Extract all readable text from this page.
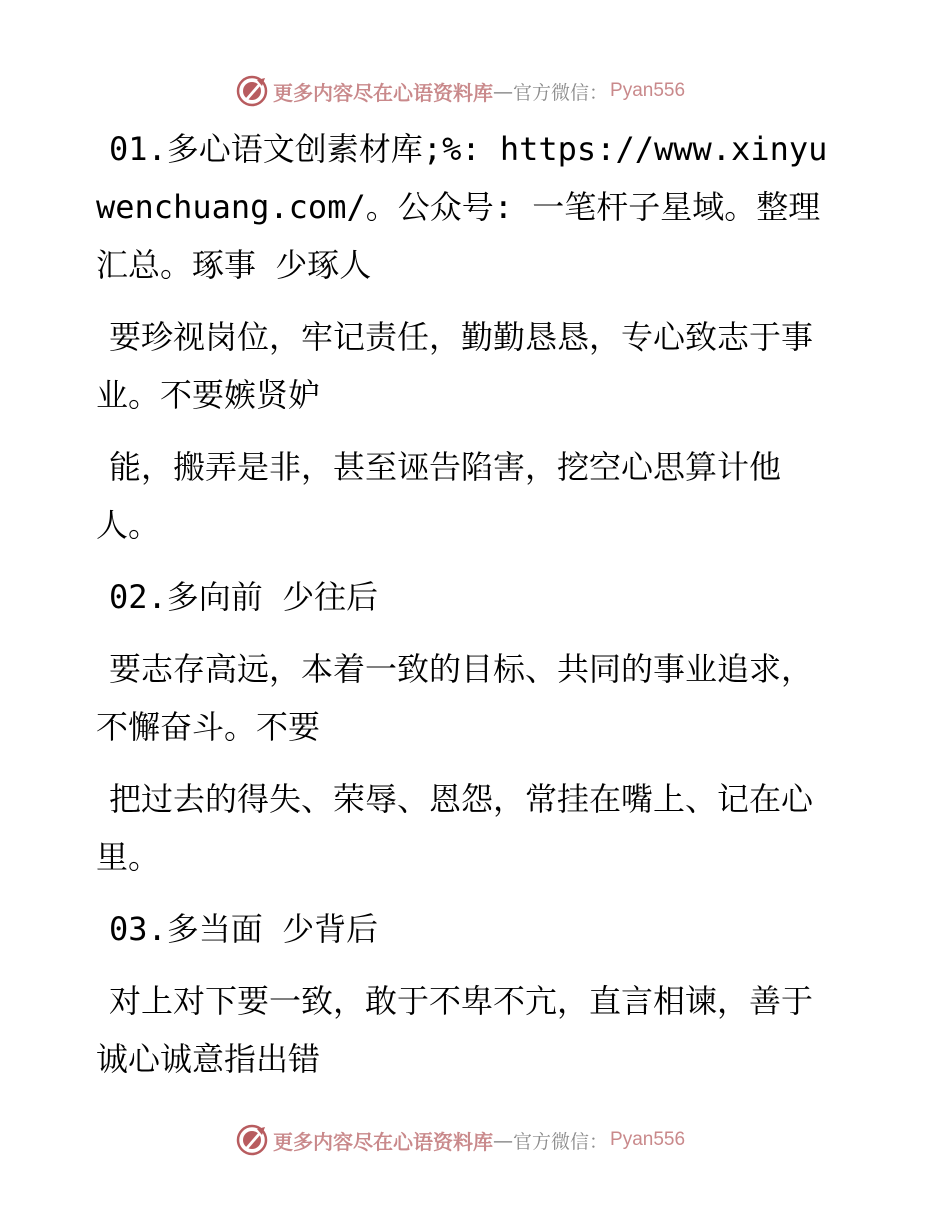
更多内容尽在心语资料库 — 官方微信： Pyan556

01.多心语文创素材库;%: https://www.xinyuwenchuang.com/。公众号: 一笔杆子星域。整理汇总。琢事 少琢人

要珍视岗位，牢记责任，勤勤恳恳，专心致志于事业。不要嫉贤妒

能，搬弄是非，甚至诬告陷害，挖空心思算计他人。

02.多向前 少往后

要志存高远，本着一致的目标、共同的事业追求，不懈奋斗。不要

把过去的得失、荣辱、恩怨，常挂在嘴上、记在心里。

03.多当面 少背后

对上对下要一致，敢于不卑不亢，直言相谏，善于诚心诚意指出错

更多内容尽在心语资料库 — 官方微信： Pyan556
